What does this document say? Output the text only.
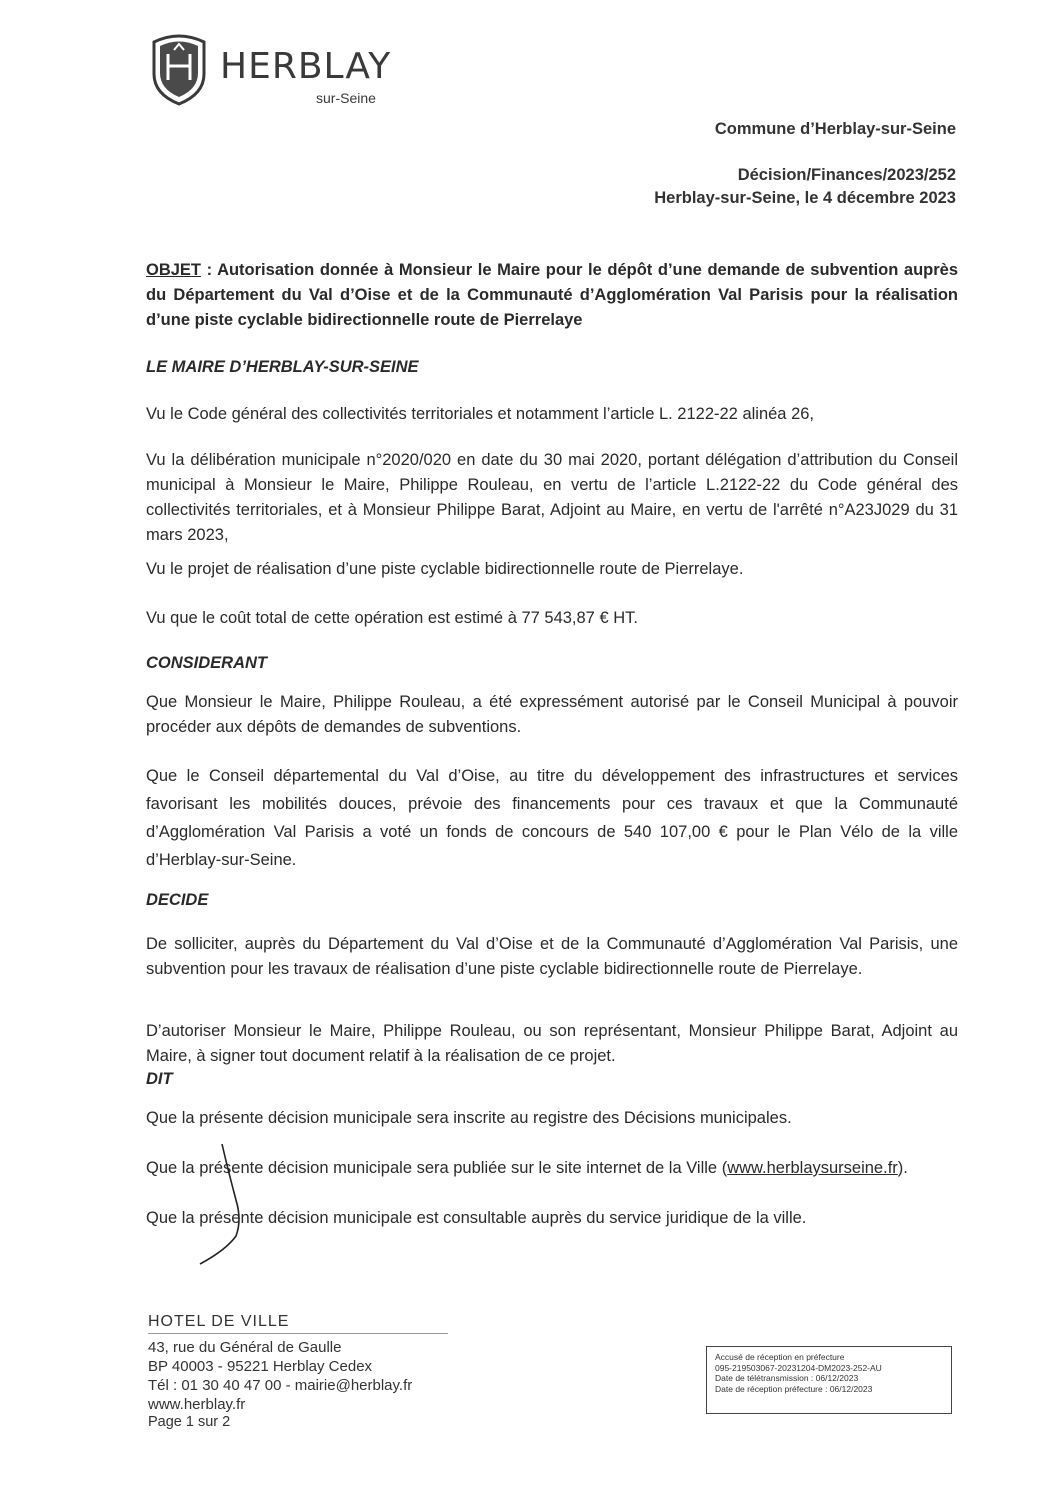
HERBLAY
sur-Seine
Commune d’Herblay-sur-Seine
Décision/Finances/2023/252
Herblay-sur-Seine, le 4 décembre 2023
OBJET : Autorisation donnée à Monsieur le Maire pour le dépôt d’une demande de subvention auprès du Département du Val d’Oise et de la Communauté d’Agglomération Val Parisis pour la réalisation d’une piste cyclable bidirectionnelle route de Pierrelaye
LE MAIRE D’HERBLAY-SUR-SEINE
Vu le Code général des collectivités territoriales et notamment l’article L. 2122-22 alinéa 26,
Vu la délibération municipale n°2020/020 en date du 30 mai 2020, portant délégation d’attribution du Conseil municipal à Monsieur le Maire, Philippe Rouleau, en vertu de l’article L.2122-22 du Code général des collectivités territoriales, et à Monsieur Philippe Barat, Adjoint au Maire, en vertu de l'arrêté n°A23J029 du 31 mars 2023,
Vu le projet de réalisation d’une piste cyclable bidirectionnelle route de Pierrelaye.
Vu que le coût total de cette opération est estimé à 77 543,87 € HT.
CONSIDERANT
Que Monsieur le Maire, Philippe Rouleau, a été expressément autorisé par le Conseil Municipal à pouvoir procéder aux dépôts de demandes de subventions.
Que le Conseil départemental du Val d’Oise, au titre du développement des infrastructures et services favorisant les mobilités douces, prévoie des financements pour ces travaux et que la Communauté d’Agglomération Val Parisis a voté un fonds de concours de 540 107,00 € pour le Plan Vélo de la ville d’Herblay-sur-Seine.
DECIDE
De solliciter, auprès du Département du Val d’Oise et de la Communauté d’Agglomération Val Parisis, une subvention pour les travaux de réalisation d’une piste cyclable bidirectionnelle route de Pierrelaye.
D’autoriser Monsieur le Maire, Philippe Rouleau, ou son représentant, Monsieur Philippe Barat, Adjoint au Maire, à signer tout document relatif à la réalisation de ce projet.
DIT
Que la présente décision municipale sera inscrite au registre des Décisions municipales.
Que la présente décision municipale sera publiée sur le site internet de la Ville (www.herblaysurseine.fr).
Que la présente décision municipale est consultable auprès du service juridique de la ville.
HOTEL DE VILLE
43, rue du Général de Gaulle
BP 40003 - 95221 Herblay Cedex
Tél : 01 30 40 47 00 - mairie@herblay.fr
www.herblay.fr
Page 1 sur 2
Accusé de réception en préfecture
095-219503067-20231204-DM2023-252-AU
Date de télétransmission : 06/12/2023
Date de réception préfecture : 06/12/2023
